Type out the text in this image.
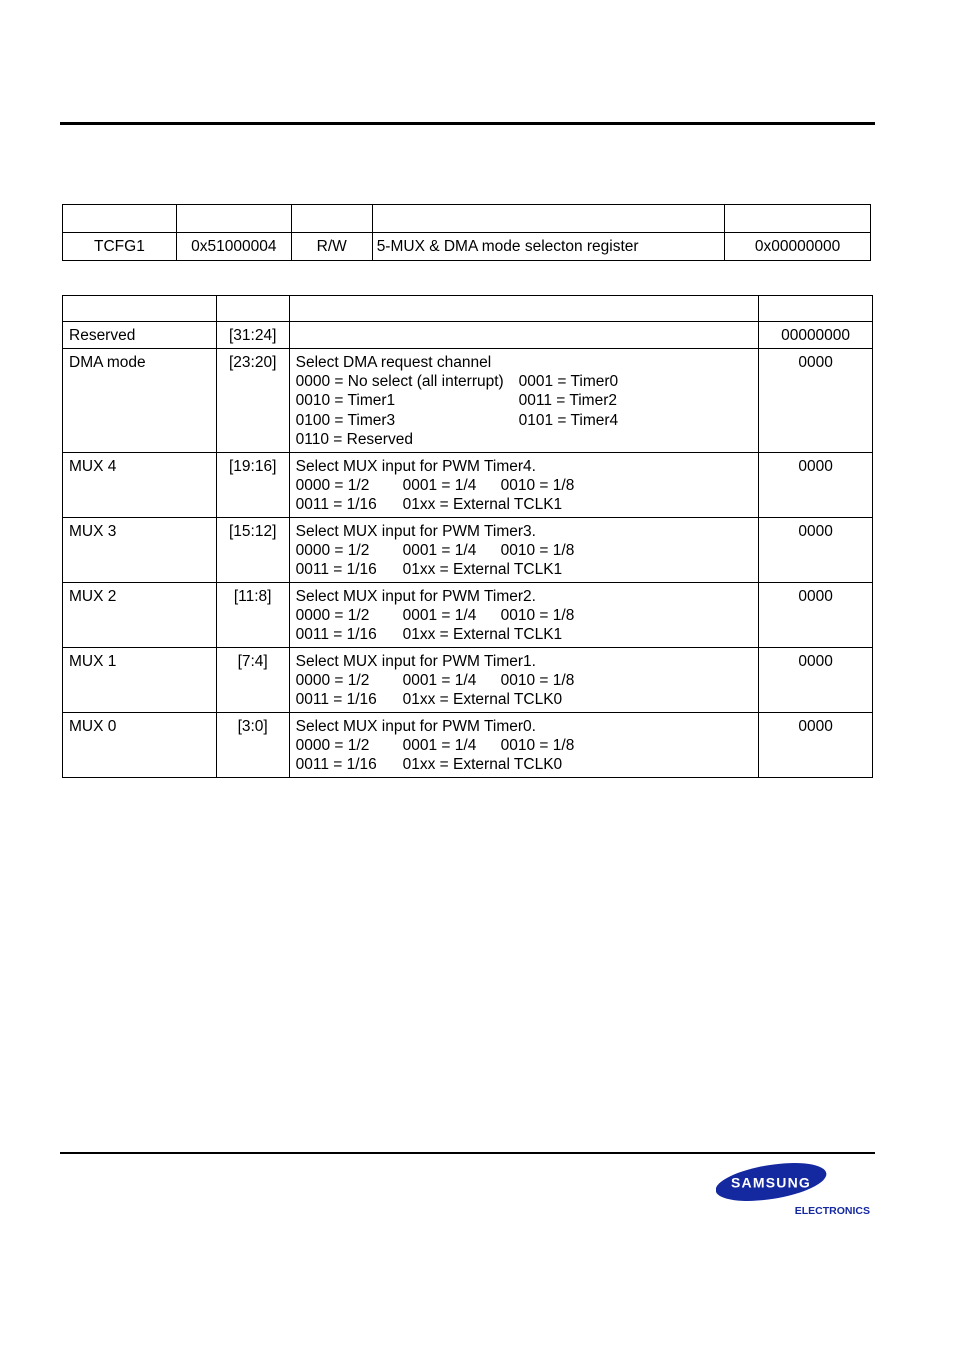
TCFG1	0x51000004	R/W	5-MUX & DMA mode selecton register	0x00000000

Reserved	[31:24]		00000000
DMA mode	[23:20]	Select DMA request channel
0000 = No select (all interrupt) 0001 = Timer0
0010 = Timer1 0011 = Timer2
0100 = Timer3 0101 = Timer4
0110 = Reserved	0000
MUX 4	[19:16]	Select MUX input for PWM Timer4.
0000 = 1/2 0001 = 1/4 0010 = 1/8
0011 = 1/16 01xx = External TCLK1	0000
MUX 3	[15:12]	Select MUX input for PWM Timer3.
0000 = 1/2 0001 = 1/4 0010 = 1/8
0011 = 1/16 01xx = External TCLK1	0000
MUX 2	[11:8]	Select MUX input for PWM Timer2.
0000 = 1/2 0001 = 1/4 0010 = 1/8
0011 = 1/16 01xx = External TCLK1	0000
MUX 1	[7:4]	Select MUX input for PWM Timer1.
0000 = 1/2 0001 = 1/4 0010 = 1/8
0011 = 1/16 01xx = External TCLK0	0000
MUX 0	[3:0]	Select MUX input for PWM Timer0.
0000 = 1/2 0001 = 1/4 0010 = 1/8
0011 = 1/16 01xx = External TCLK0	0000
SAMSUNG
ELECTRONICS
